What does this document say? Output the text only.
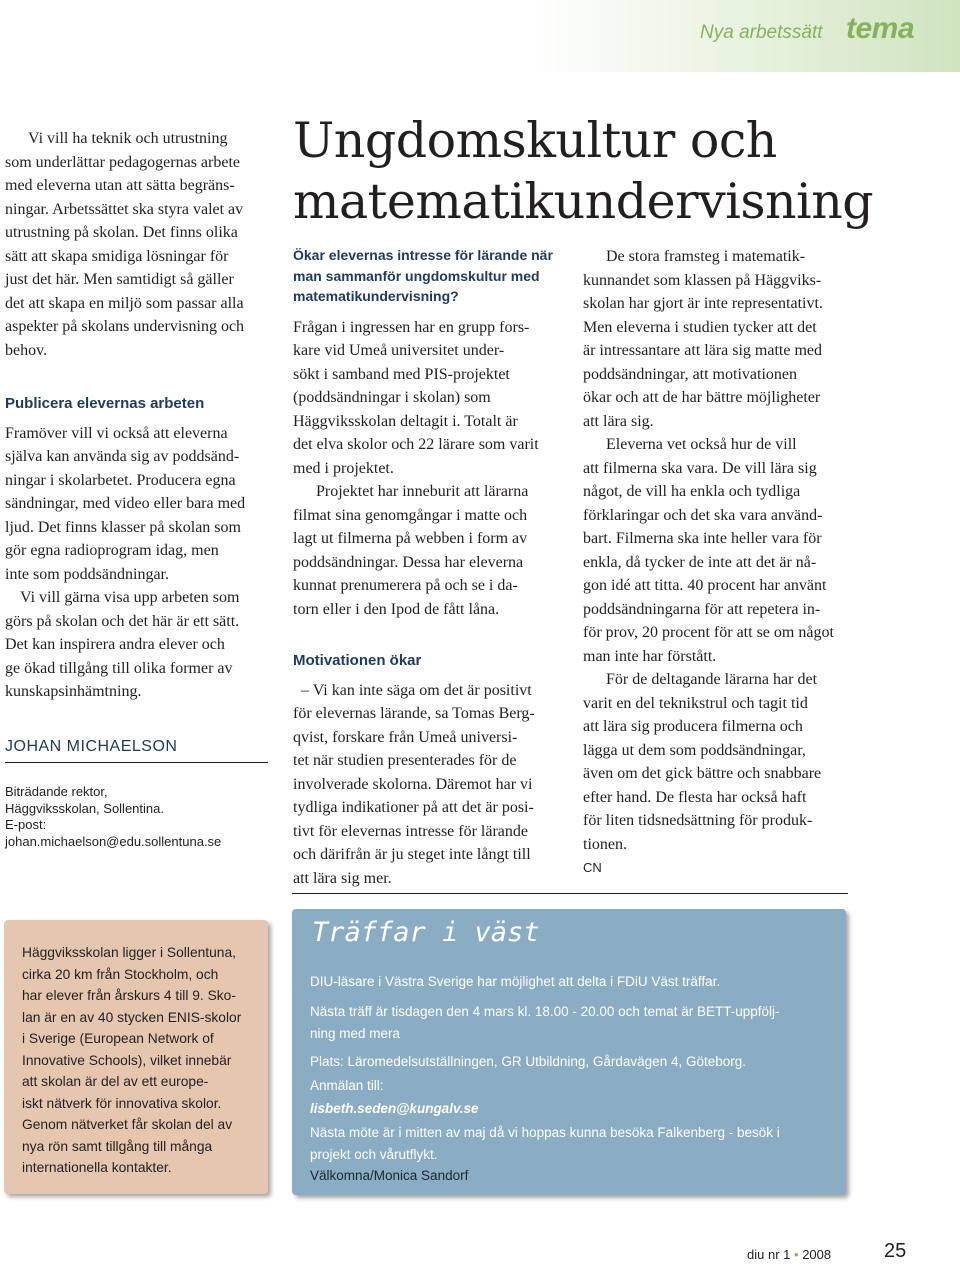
Nya arbetssätt tema

Vi vill ha teknik och utrustning
som underlättar pedagogernas arbete
med eleverna utan att sätta begräns-
ningar. Arbetssättet ska styra valet av
utrustning på skolan. Det finns olika
sätt att skapa smidiga lösningar för
just det här. Men samtidigt så gäller
det att skapa en miljö som passar alla
aspekter på skolans undervisning och
behov.

Publicera elevernas arbeten

Framöver vill vi också att eleverna
själva kan använda sig av poddsänd-
ningar i skolarbetet. Producera egna
sändningar, med video eller bara med
ljud. Det finns klasser på skolan som
gör egna radioprogram idag, men
inte som poddsändningar.

Vi vill gärna visa upp arbeten som
görs på skolan och det här är ett sätt.
Det kan inspirera andra elever och
ge ökad tillgång till olika former av
kunskapsinhämtning.

JOHAN MICHAELSON
Biträdande rektor,
Häggviksskolan, Sollentina.
E-post:
johan.michaelson@edu.sollentuna.se
Ungdomskultur och
matematikundervisning

Ökar elevernas intresse för lärande när
man sammanför ungdomskultur med
matematikundervisning?

Frågan i ingressen har en grupp fors-
kare vid Umeå universitet under-
sökt i samband med PIS-projektet
(poddsändningar i skolan) som
Häggviksskolan deltagit i. Totalt är
det elva skolor och 22 lärare som varit
med i projektet.

Projektet har inneburit att lärarna
filmat sina genomgångar i matte och
lagt ut filmerna på webben i form av
poddsändningar. Dessa har eleverna
kunnat prenumerera på och se i da-
torn eller i den Ipod de fått låna.

Motivationen ökar

– Vi kan inte säga om det är positivt
för elevernas lärande, sa Tomas Berg-
qvist, forskare från Umeå universi-
tet när studien presenterades för de
involverade skolorna. Däremot har vi
tydliga indikationer på att det är posi-
tivt för elevernas intresse för lärande
och därifrån är ju steget inte långt till
att lära sig mer.

De stora framsteg i matematik-
kunnandet som klassen på Häggviks-
skolan har gjort är inte representativt.
Men eleverna i studien tycker att det
är intressantare att lära sig matte med
poddsändningar, att motivationen
ökar och att de har bättre möjligheter
att lära sig.

Eleverna vet också hur de vill
att filmerna ska vara. De vill lära sig
något, de vill ha enkla och tydliga
förklaringar och det ska vara använd-
bart. Filmerna ska inte heller vara för
enkla, då tycker de inte att det är nå-
gon idé att titta. 40 procent har använt
poddsändningarna för att repetera in-
för prov, 20 procent för att se om något
man inte har förstått.

För de deltagande lärarna har det
varit en del teknikstrul och tagit tid
att lära sig producera filmerna och
lägga ut dem som poddsändningar,
även om det gick bättre och snabbare
efter hand. De flesta har också haft
för liten tidsnedsättning för produk-
tionen.

CN

Häggviksskolan ligger i Sollentuna,
cirka 20 km från Stockholm, och
har elever från årskurs 4 till 9. Sko-
lan är en av 40 stycken ENIS-skolor
i Sverige (European Network of
Innovative Schools), vilket innebär
att skolan är del av ett europe-
iskt nätverk för innovativa skolor.
Genom nätverket får skolan del av
nya rön samt tillgång till många
internationella kontakter.
Träffar i väst
DIU-läsare i Västra Sverige har möjlighet att delta i FDiU Väst träffar.
Nästa träff är tisdagen den 4 mars kl. 18.00 - 20.00 och temat är BETT-uppfölj-
ning med mera
Plats: Läromedelsutställningen, GR Utbildning, Gårdavägen 4, Göteborg.
Anmälan till:
lisbeth.seden@kungalv.se
Nästa möte är i mitten av maj då vi hoppas kunna besöka Falkenberg - besök i
projekt och vårutflykt.
Välkomna/Monica Sandorf
diu nr 1 • 2008	25
